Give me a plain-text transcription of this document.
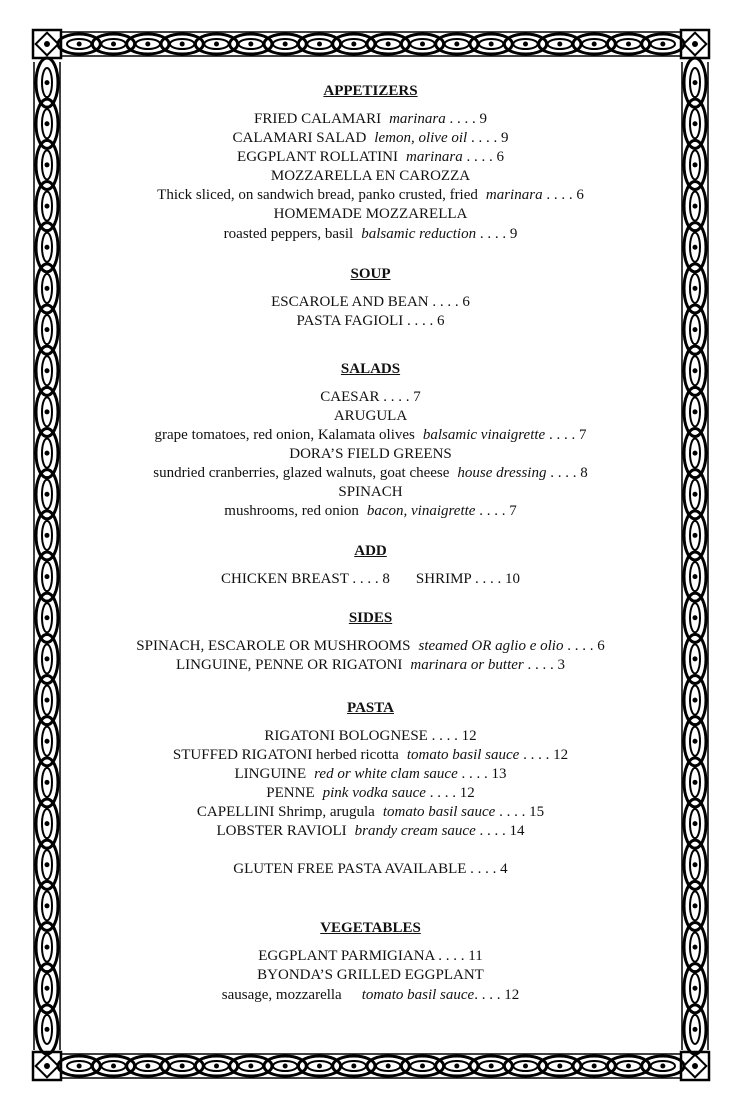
APPETIZERS
FRIED CALAMARI marinara . . . . 9
CALAMARI SALAD lemon, olive oil . . . . 9
EGGPLANT ROLLATINI marinara . . . . 6
MOZZARELLA EN CAROZZA
Thick sliced, on sandwich bread, panko crusted, fried marinara . . . . 6
HOMEMADE MOZZARELLA
roasted peppers, basil balsamic reduction . . . . 9
SOUP
ESCAROLE AND BEAN . . . . 6
PASTA FAGIOLI . . . . 6
SALADS
CAESAR . . . . 7
ARUGULA
grape tomatoes, red onion, Kalamata olives balsamic vinaigrette . . . . 7
DORA’S FIELD GREENS
sundried cranberries, glazed walnuts, goat cheese house dressing . . . . 8
SPINACH
mushrooms, red onion bacon, vinaigrette . . . . 7
ADD
CHICKEN BREAST . . . . 8 SHRIMP . . . . 10
SIDES
SPINACH, ESCAROLE OR MUSHROOMS steamed OR aglio e olio . . . . 6
LINGUINE, PENNE OR RIGATONI marinara or butter . . . . 3
PASTA
RIGATONI BOLOGNESE . . . . 12
STUFFED RIGATONI herbed ricotta tomato basil sauce . . . . 12
LINGUINE red or white clam sauce . . . . 13
PENNE pink vodka sauce . . . . 12
CAPELLINI Shrimp, arugula tomato basil sauce . . . . 15
LOBSTER RAVIOLI brandy cream sauce . . . . 14
GLUTEN FREE PASTA AVAILABLE . . . . 4
VEGETABLES
EGGPLANT PARMIGIANA . . . . 11
BYONDA’S GRILLED EGGPLANT
sausage, mozzarella tomato basil sauce. . . . 12
